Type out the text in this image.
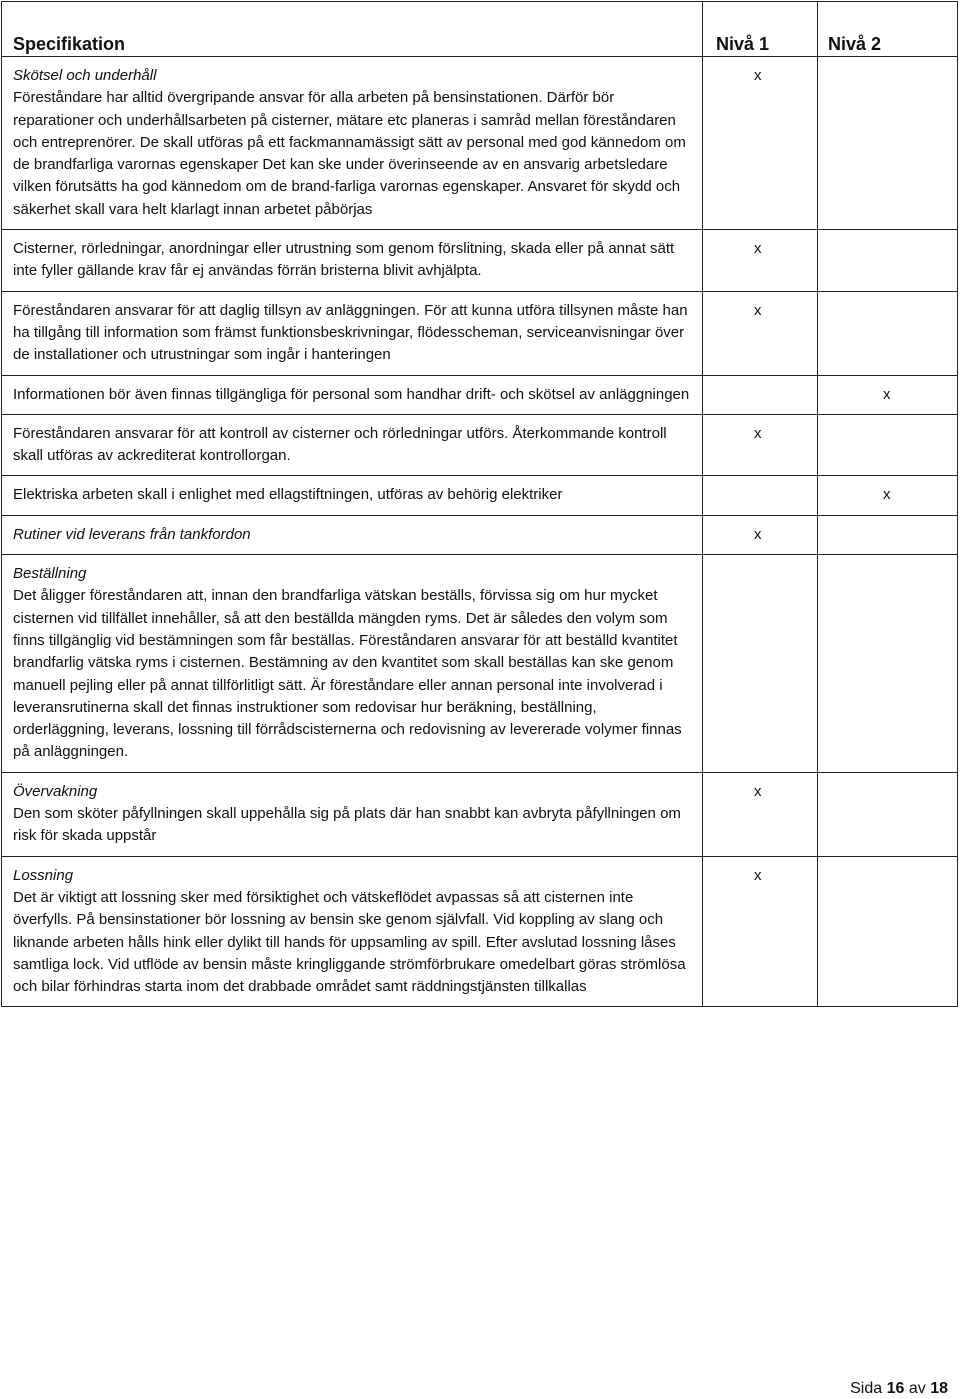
Specifikation	Nivå 1	Nivå 2

Skötsel och underhåll

Föreståndare har alltid övergripande ansvar för alla arbeten på bensinstationen. Därför bör reparationer och underhållsarbeten på cisterner, mätare etc planeras i samråd mellan föreståndaren och entreprenörer. De skall utföras på ett fackmannamässigt sätt av personal med god kännedom om de brandfarliga varornas egenskaper Det kan ske under överinseende av en ansvarig arbetsledare vilken förutsätts ha god kännedom om de brand-farliga varornas egenskaper. Ansvaret för skydd och säkerhet skall vara helt klarlagt innan arbetet påbörjas	x	

Cisterner, rörledningar, anordningar eller utrustning som genom förslitning, skada eller på annat sätt inte fyller gällande krav får ej användas förrän bristerna blivit avhjälpta.	x	

Föreståndaren ansvarar för att daglig tillsyn av anläggningen. För att kunna utföra tillsynen måste han ha tillgång till information som främst funktionsbeskrivningar, flödesscheman, serviceanvisningar över de installationer och utrustningar som ingår i hanteringen	x	

Informationen bör även finnas tillgängliga för personal som handhar drift- och skötsel av anläggningen		x

Föreståndaren ansvarar för att kontroll av cisterner och rörledningar utförs. Återkommande kontroll skall utföras av ackrediterat kontrollorgan.	x	

Elektriska arbeten skall i enlighet med ellagstiftningen, utföras av behörig elektriker		x

Rutiner vid leverans från tankfordon	x	

Beställning

Det åligger föreståndaren att, innan den brandfarliga vätskan beställs, förvissa sig om hur mycket cisternen vid tillfället innehåller, så att den beställda mängden ryms. Det är således den volym som finns tillgänglig vid bestämningen som får beställas. Föreståndaren ansvarar för att beställd kvantitet brandfarlig vätska ryms i cisternen. Bestämning av den kvantitet som skall beställas kan ske genom manuell pejling eller på annat tillförlitligt sätt. Är föreståndare eller annan personal inte involverad i leveransrutinerna skall det finnas instruktioner som redovisar hur beräkning, beställning, orderläggning, leverans, lossning till förrådscisternerna och redovisning av levererade volymer finnas på anläggningen.		

Övervakning

Den som sköter påfyllningen skall uppehålla sig på plats där han snabbt kan avbryta påfyllningen om risk för skada uppstår	x	

Lossning

Det är viktigt att lossning sker med försiktighet och vätskeflödet avpassas så att cisternen inte överfylls. På bensinstationer bör lossning av bensin ske genom självfall. Vid koppling av slang och liknande arbeten hålls hink eller dylikt till hands för uppsamling av spill. Efter avslutad lossning låses samtliga lock. Vid utflöde av bensin måste kringliggande strömförbrukare omedelbart göras strömlösa och bilar förhindras starta inom det drabbade området samt räddningstjänsten tillkallas	x	
Sida 16 av 18
